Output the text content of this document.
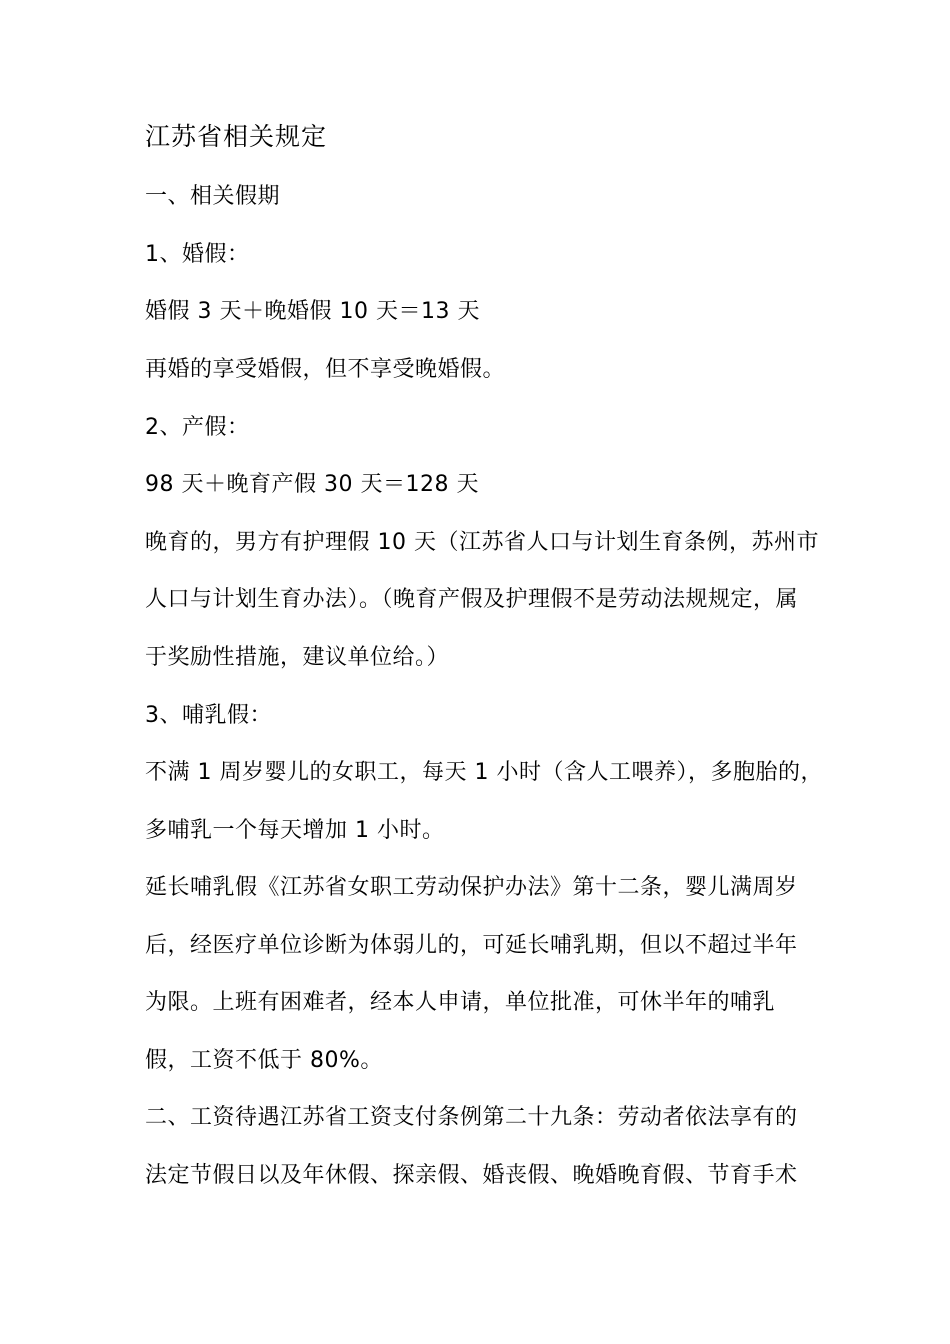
江苏省相关规定
一、相关假期
1、婚假：
婚假 3 天＋晚婚假 10 天＝13 天
再婚的享受婚假，但不享受晚婚假。
2、产假：
98 天＋晚育产假 30 天＝128 天
晚育的，男方有护理假 10 天（江苏省人口与计划生育条例，苏州市
人口与计划生育办法）。（晚育产假及护理假不是劳动法规规定，属
于奖励性措施，建议单位给。）
3、哺乳假：
不满 1 周岁婴儿的女职工，每天 1 小时（含人工喂养），多胞胎的，
多哺乳一个每天增加 1 小时。
延长哺乳假《江苏省女职工劳动保护办法》第十二条，婴儿满周岁
后，经医疗单位诊断为体弱儿的，可延长哺乳期，但以不超过半年
为限。上班有困难者，经本人申请，单位批准，可休半年的哺乳
假，工资不低于 80%。
二、工资待遇江苏省工资支付条例第二十九条：劳动者依法享有的
法定节假日以及年休假、探亲假、婚丧假、晚婚晚育假、节育手术
